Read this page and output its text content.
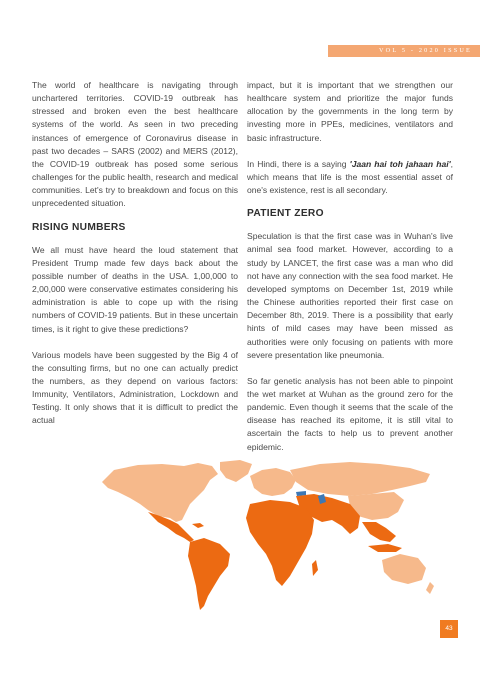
VOL 5 - 2020 ISSUE

The world of healthcare is navigating through unchartered territories. COVID-19 outbreak has stressed and broken even the best healthcare systems of the world. As seen in two preceding instances of emergence of Coronavirus disease in past two decades – SARS (2002) and MERS (2012), the COVID-19 outbreak has posed some serious challenges for the public health, research and medical communities. Let's try to breakdown and focus on this unprecedented situation.

RISING NUMBERS

We all must have heard the loud statement that President Trump made few days back about the possible number of deaths in the USA. 1,00,000 to 2,00,000 were conservative estimates considering his administration is able to cope up with the rising numbers of COVID-19 patients. But in these uncertain times, is it right to give these predictions?

Various models have been suggested by the Big 4 of the consulting firms, but no one can actually predict the numbers, as they depend on various factors: Immunity, Ventilators, Administration, Lockdown and Testing. It only shows that it is difficult to predict the actual

impact, but it is important that we strengthen our healthcare system and prioritize the major funds allocation by the governments in the long term by investing more in PPEs, medicines, ventilators and basic infrastructure.

In Hindi, there is a saying 'Jaan hai toh jahaan hai', which means that life is the most essential asset of one's existence, rest is all secondary.

PATIENT ZERO

Speculation is that the first case was in Wuhan's live animal sea food market. However, according to a study by LANCET, the first case was a man who did not have any connection with the sea food market. He developed symptoms on December 1st, 2019 while the Chinese authorities reported their first case on December 8th, 2019. There is a possibility that early hints of mild cases may have been missed as authorities were only focusing on patients with more severe presentation like pneumonia.

So far genetic analysis has not been able to pinpoint the wet market at Wuhan as the ground zero for the pandemic. Even though it seems that the scale of the disease has reached its epitome, it is still vital to ascertain the facts to help us to prevent another epidemic.

43
